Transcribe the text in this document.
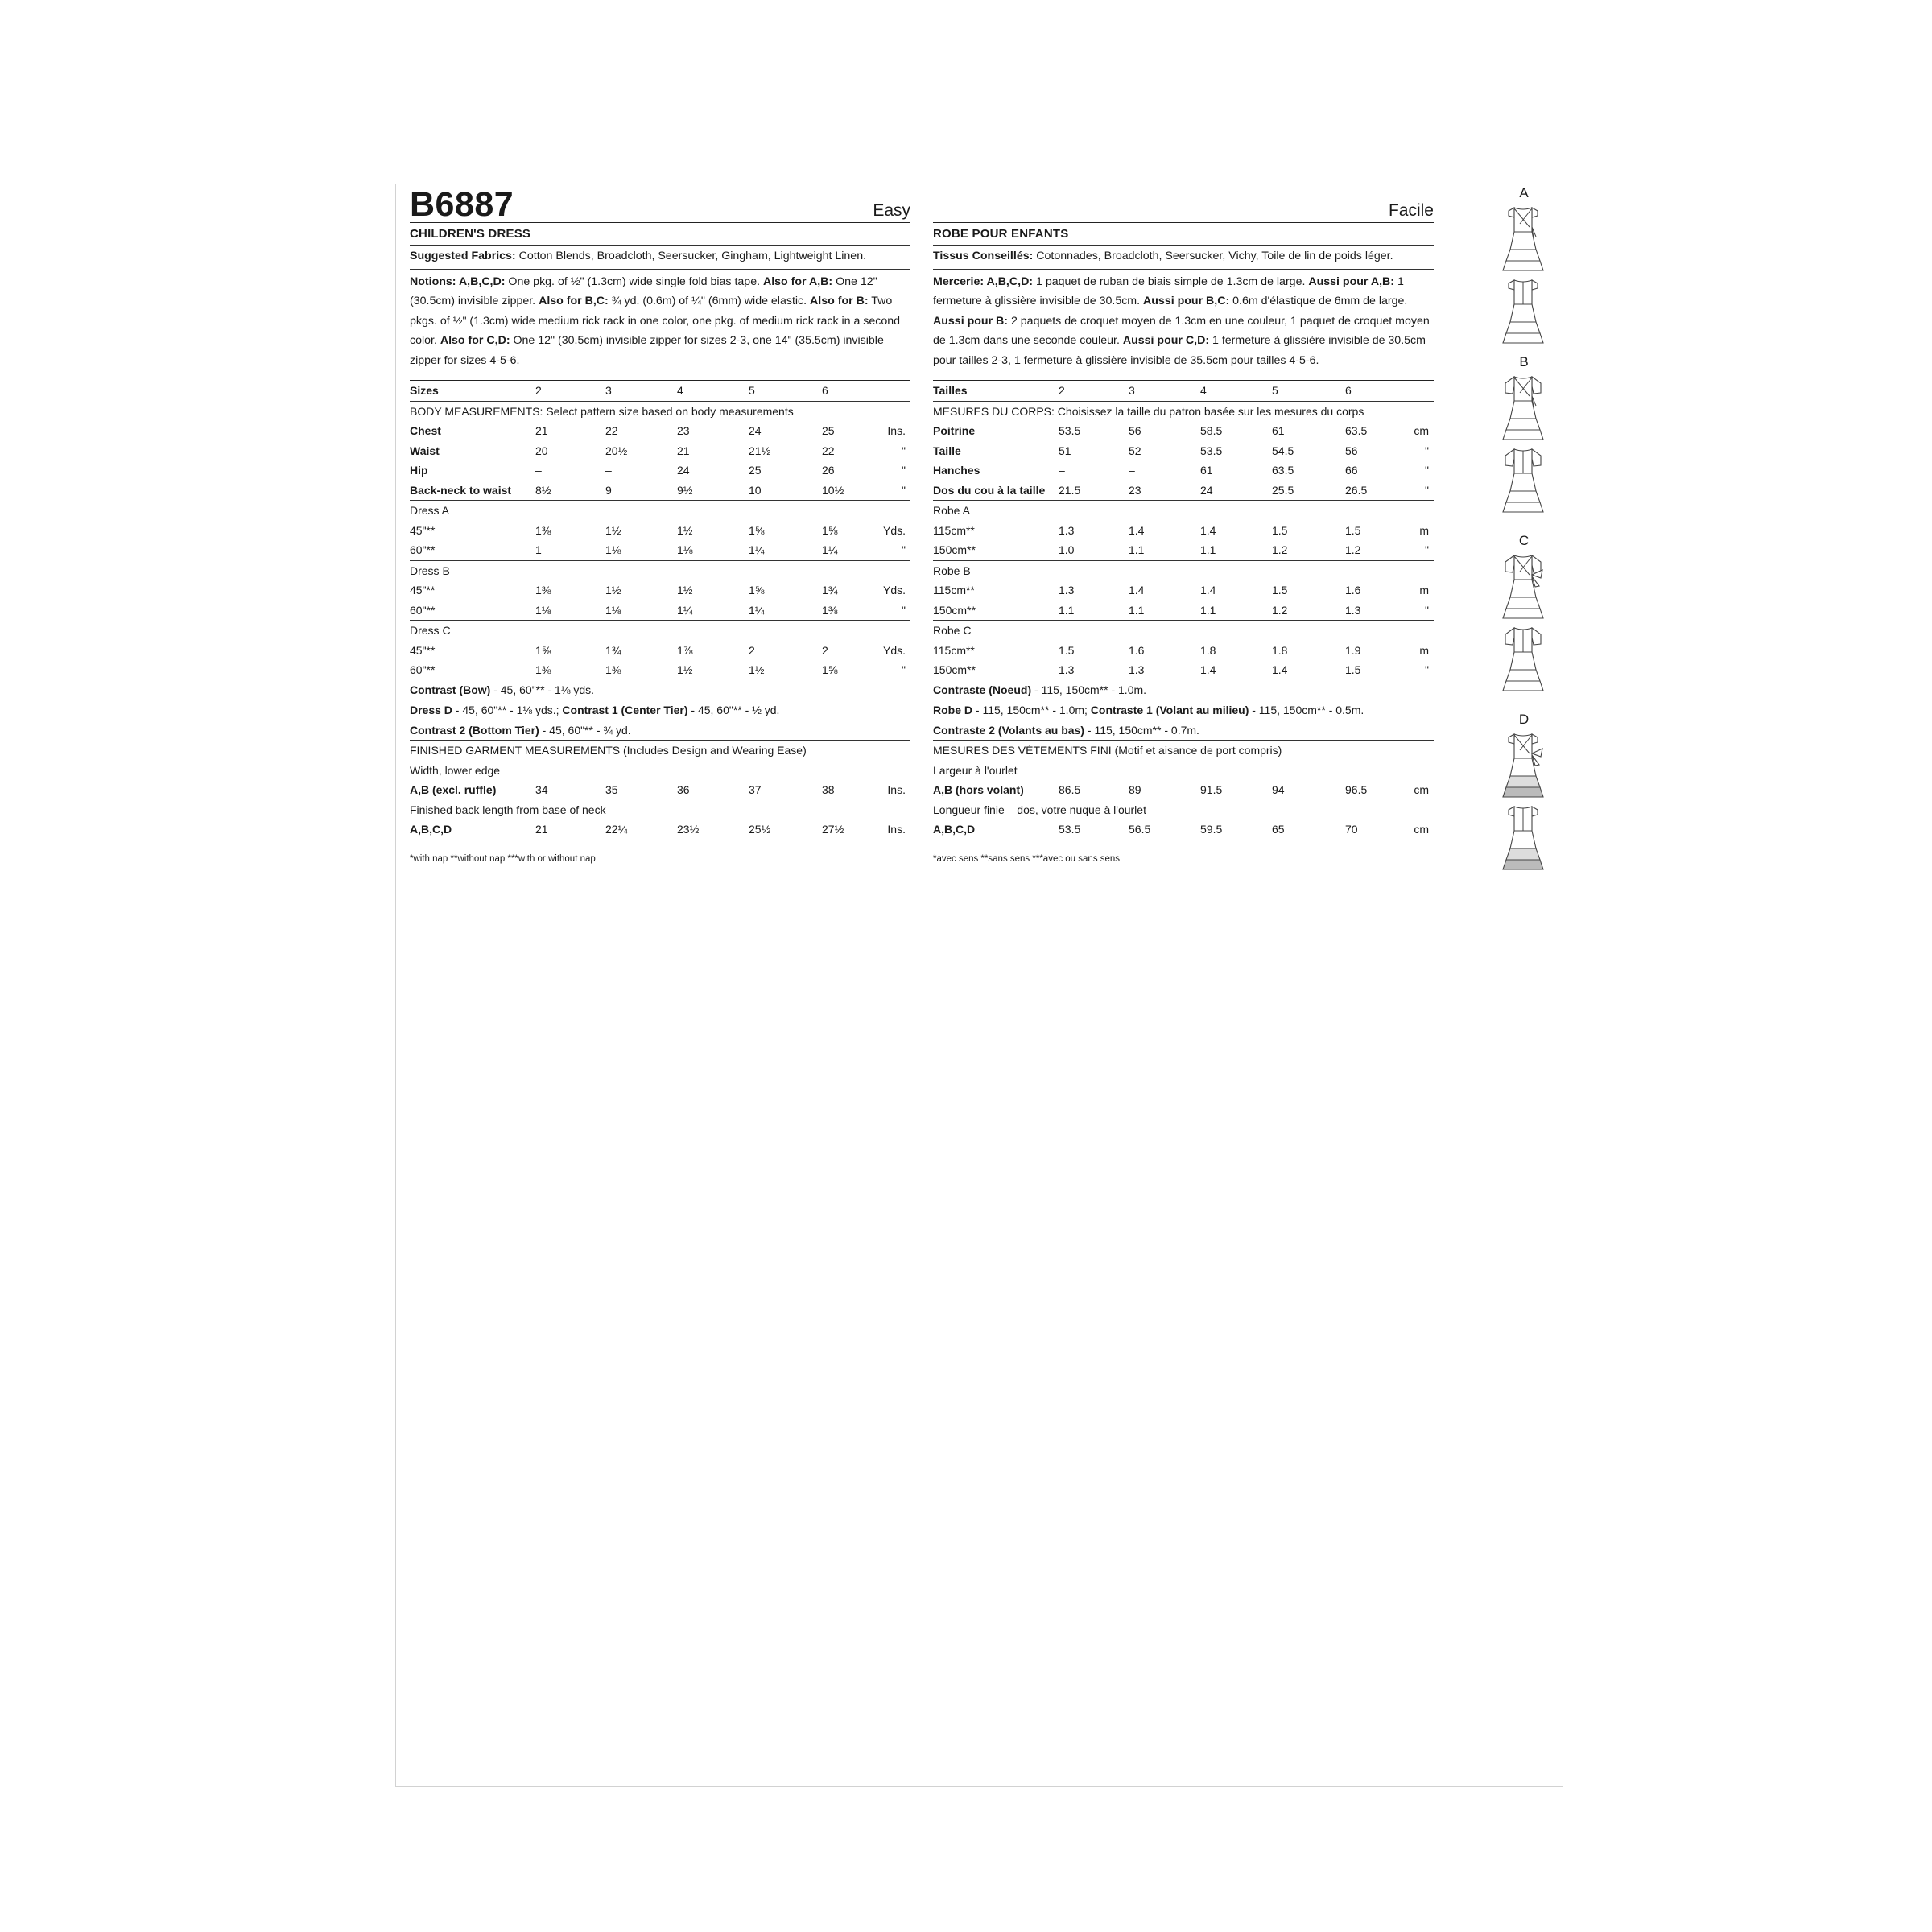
B6887	Easy
CHILDREN'S DRESS
Suggested Fabrics: Cotton Blends, Broadcloth, Seersucker, Gingham, Lightweight Linen.
Notions: A,B,C,D: One pkg. of ½" (1.3cm) wide single fold bias tape. Also for A,B: One 12" (30.5cm) invisible zipper. Also for B,C: ¾ yd. (0.6m) of ¼" (6mm) wide elastic. Also for B: Two pkgs. of ½" (1.3cm) wide medium rick rack in one color, one pkg. of medium rick rack in a second color. Also for C,D: One 12" (30.5cm) invisible zipper for sizes 2-3, one 14" (35.5cm) invisible zipper for sizes 4-5-6.
Sizes	2	3	4	5	6
BODY MEASUREMENTS: Select pattern size based on body measurements
Chest	21	22	23	24	25	Ins.
Waist	20	20½	21	21½	22	"
Hip	–	–	24	25	26	"
Back-neck to waist 8½	9	9½	10	10½	"
Dress A
45"**	1⅜	1½	1½	1⅝	1⅝	Yds.
60"**	1	1⅛	1⅛	1¼	1¼	"
Dress B
45"**	1⅜	1½	1½	1⅝	1¾	Yds.
60"**	1⅛	1⅛	1¼	1¼	1⅜	"
Dress C
45"**	1⅝	1¾	1⅞	2	2	Yds.
60"**	1⅜	1⅜	1½	1½	1⅝	"
Contrast (Bow) - 45, 60"** - 1⅛ yds.
Dress D - 45, 60"** - 1⅛ yds.; Contrast 1 (Center Tier) - 45, 60"** - ½ yd.
Contrast 2 (Bottom Tier) - 45, 60"** - ¾ yd.
FINISHED GARMENT MEASUREMENTS (Includes Design and Wearing Ease)
Width, lower edge
A,B (excl. ruffle)	34	35	36	37	38	Ins.
Finished back length from base of neck
A,B,C,D	21	22¼	23½	25½	27½	Ins.
*with nap **without nap ***with or without nap
Facile
ROBE POUR ENFANTS
Tissus Conseillés: Cotonnades, Broadcloth, Seersucker, Vichy, Toile de lin de poids léger.
Mercerie: A,B,C,D: 1 paquet de ruban de biais simple de 1.3cm de large. Aussi pour A,B: 1 fermeture à glissière invisible de 30.5cm. Aussi pour B,C: 0.6m d'élastique de 6mm de large. Aussi pour B: 2 paquets de croquet moyen de 1.3cm en une couleur, 1 paquet de croquet moyen de 1.3cm dans une seconde couleur. Aussi pour C,D: 1 fermeture à glissière invisible de 30.5cm pour tailles 2-3, 1 fermeture à glissière invisible de 35.5cm pour tailles 4-5-6.
Tailles	2	3	4	5	6
MESURES DU CORPS: Choisissez la taille du patron basée sur les mesures du corps
Poitrine	53.5	56	58.5	61	63.5	cm
Taille	51	52	53.5	54.5	56	"
Hanches	–	–	61	63.5	66	"
Dos du cou à la taille 21.5	23	24	25.5	26.5	"
Robe A
115cm**	1.3	1.4	1.4	1.5	1.5	m
150cm**	1.0	1.1	1.1	1.2	1.2	"
Robe B
115cm**	1.3	1.4	1.4	1.5	1.6	m
150cm**	1.1	1.1	1.1	1.2	1.3	"
Robe C
115cm**	1.5	1.6	1.8	1.8	1.9	m
150cm**	1.3	1.3	1.4	1.4	1.5	"
Contraste (Noeud) - 115, 150cm** - 1.0m.
Robe D - 115, 150cm** - 1.0m; Contraste 1 (Volant au milieu) - 115, 150cm** - 0.5m.
Contraste 2 (Volants au bas) - 115, 150cm** - 0.7m.
MESURES DES VÉTEMENTS FINI (Motif et aisance de port compris)
Largeur à l'ourlet
A,B (hors volant)	86.5	89	91.5	94	96.5	cm
Longueur finie – dos, votre nuque à l'ourlet
A,B,C,D	53.5	56.5	59.5	65	70	cm
*avec sens **sans sens ***avec ou sans sens
A
B
C
D
